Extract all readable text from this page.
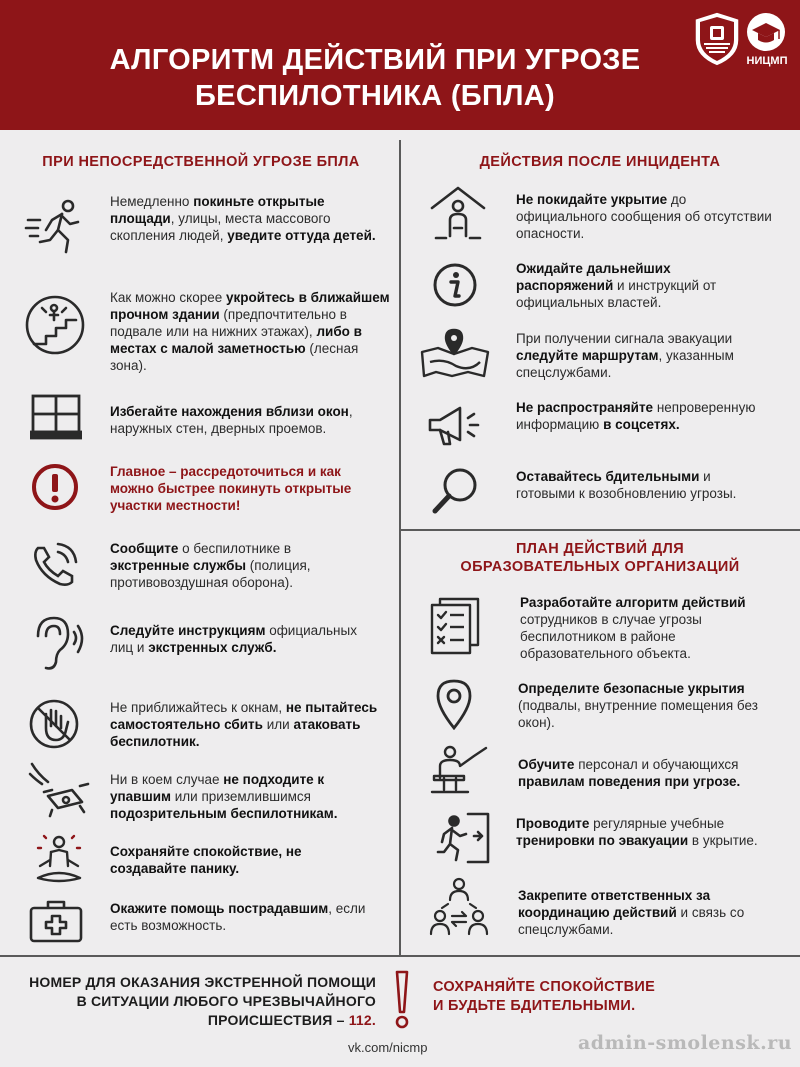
АЛГОРИТМ ДЕЙСТВИЙ ПРИ УГРОЗЕ
БЕСПИЛОТНИКА (БПЛА)
НИЦМП
ПРИ НЕПОСРЕДСТВЕННОЙ УГРОЗЕ БПЛА
Немедленно покиньте открытые площади, улицы, места массового скопления людей, уведите оттуда детей.
Как можно скорее укройтесь в ближайшем прочном здании (предпочтительно в подвале или на нижних этажах), либо в местах с малой заметностью (лесная зона).
Избегайте нахождения вблизи окон, наружных стен, дверных проемов.
Главное – рассредоточиться и как можно быстрее покинуть открытые участки местности!
Сообщите о беспилотнике в экстренные службы (полиция, противовоздушная оборона).
Следуйте инструкциям официальных лиц и экстренных служб.
Не приближайтесь к окнам, не пытайтесь самостоятельно сбить или атаковать беспилотник.
Ни в коем случае не подходите к упавшим или приземлившимся подозрительным беспилотникам.
Сохраняйте спокойствие, не создавайте панику.
Окажите помощь пострадавшим, если есть возможность.
ДЕЙСТВИЯ ПОСЛЕ ИНЦИДЕНТА
Не покидайте укрытие до официального сообщения об отсутствии опасности.
Ожидайте дальнейших распоряжений и инструкций от официальных властей.
При получении сигнала эвакуации следуйте маршрутам, указанным спецслужбами.
Не распространяйте непроверенную информацию в соцсетях.
Оставайтесь бдительными и готовыми к возобновлению угрозы.
ПЛАН ДЕЙСТВИЙ ДЛЯ
ОБРАЗОВАТЕЛЬНЫХ ОРГАНИЗАЦИЙ
Разработайте алгоритм действий сотрудников в случае угрозы беспилотником в районе образовательного объекта.
Определите безопасные укрытия (подвалы, внутренние помещения без окон).
Обучите персонал и обучающихся правилам поведения при угрозе.
Проводите регулярные учебные тренировки по эвакуации в укрытие.
Закрепите ответственных за координацию действий и связь со спецслужбами.
НОМЕР ДЛЯ ОКАЗАНИЯ ЭКСТРЕННОЙ ПОМОЩИ В СИТУАЦИИ ЛЮБОГО ЧРЕЗВЫЧАЙНОГО ПРОИСШЕСТВИЯ – 112.
СОХРАНЯЙТЕ СПОКОЙСТВИЕ
И БУДЬТЕ БДИТЕЛЬНЫМИ.
vk.com/nicmp	admin-smolensk.ru
